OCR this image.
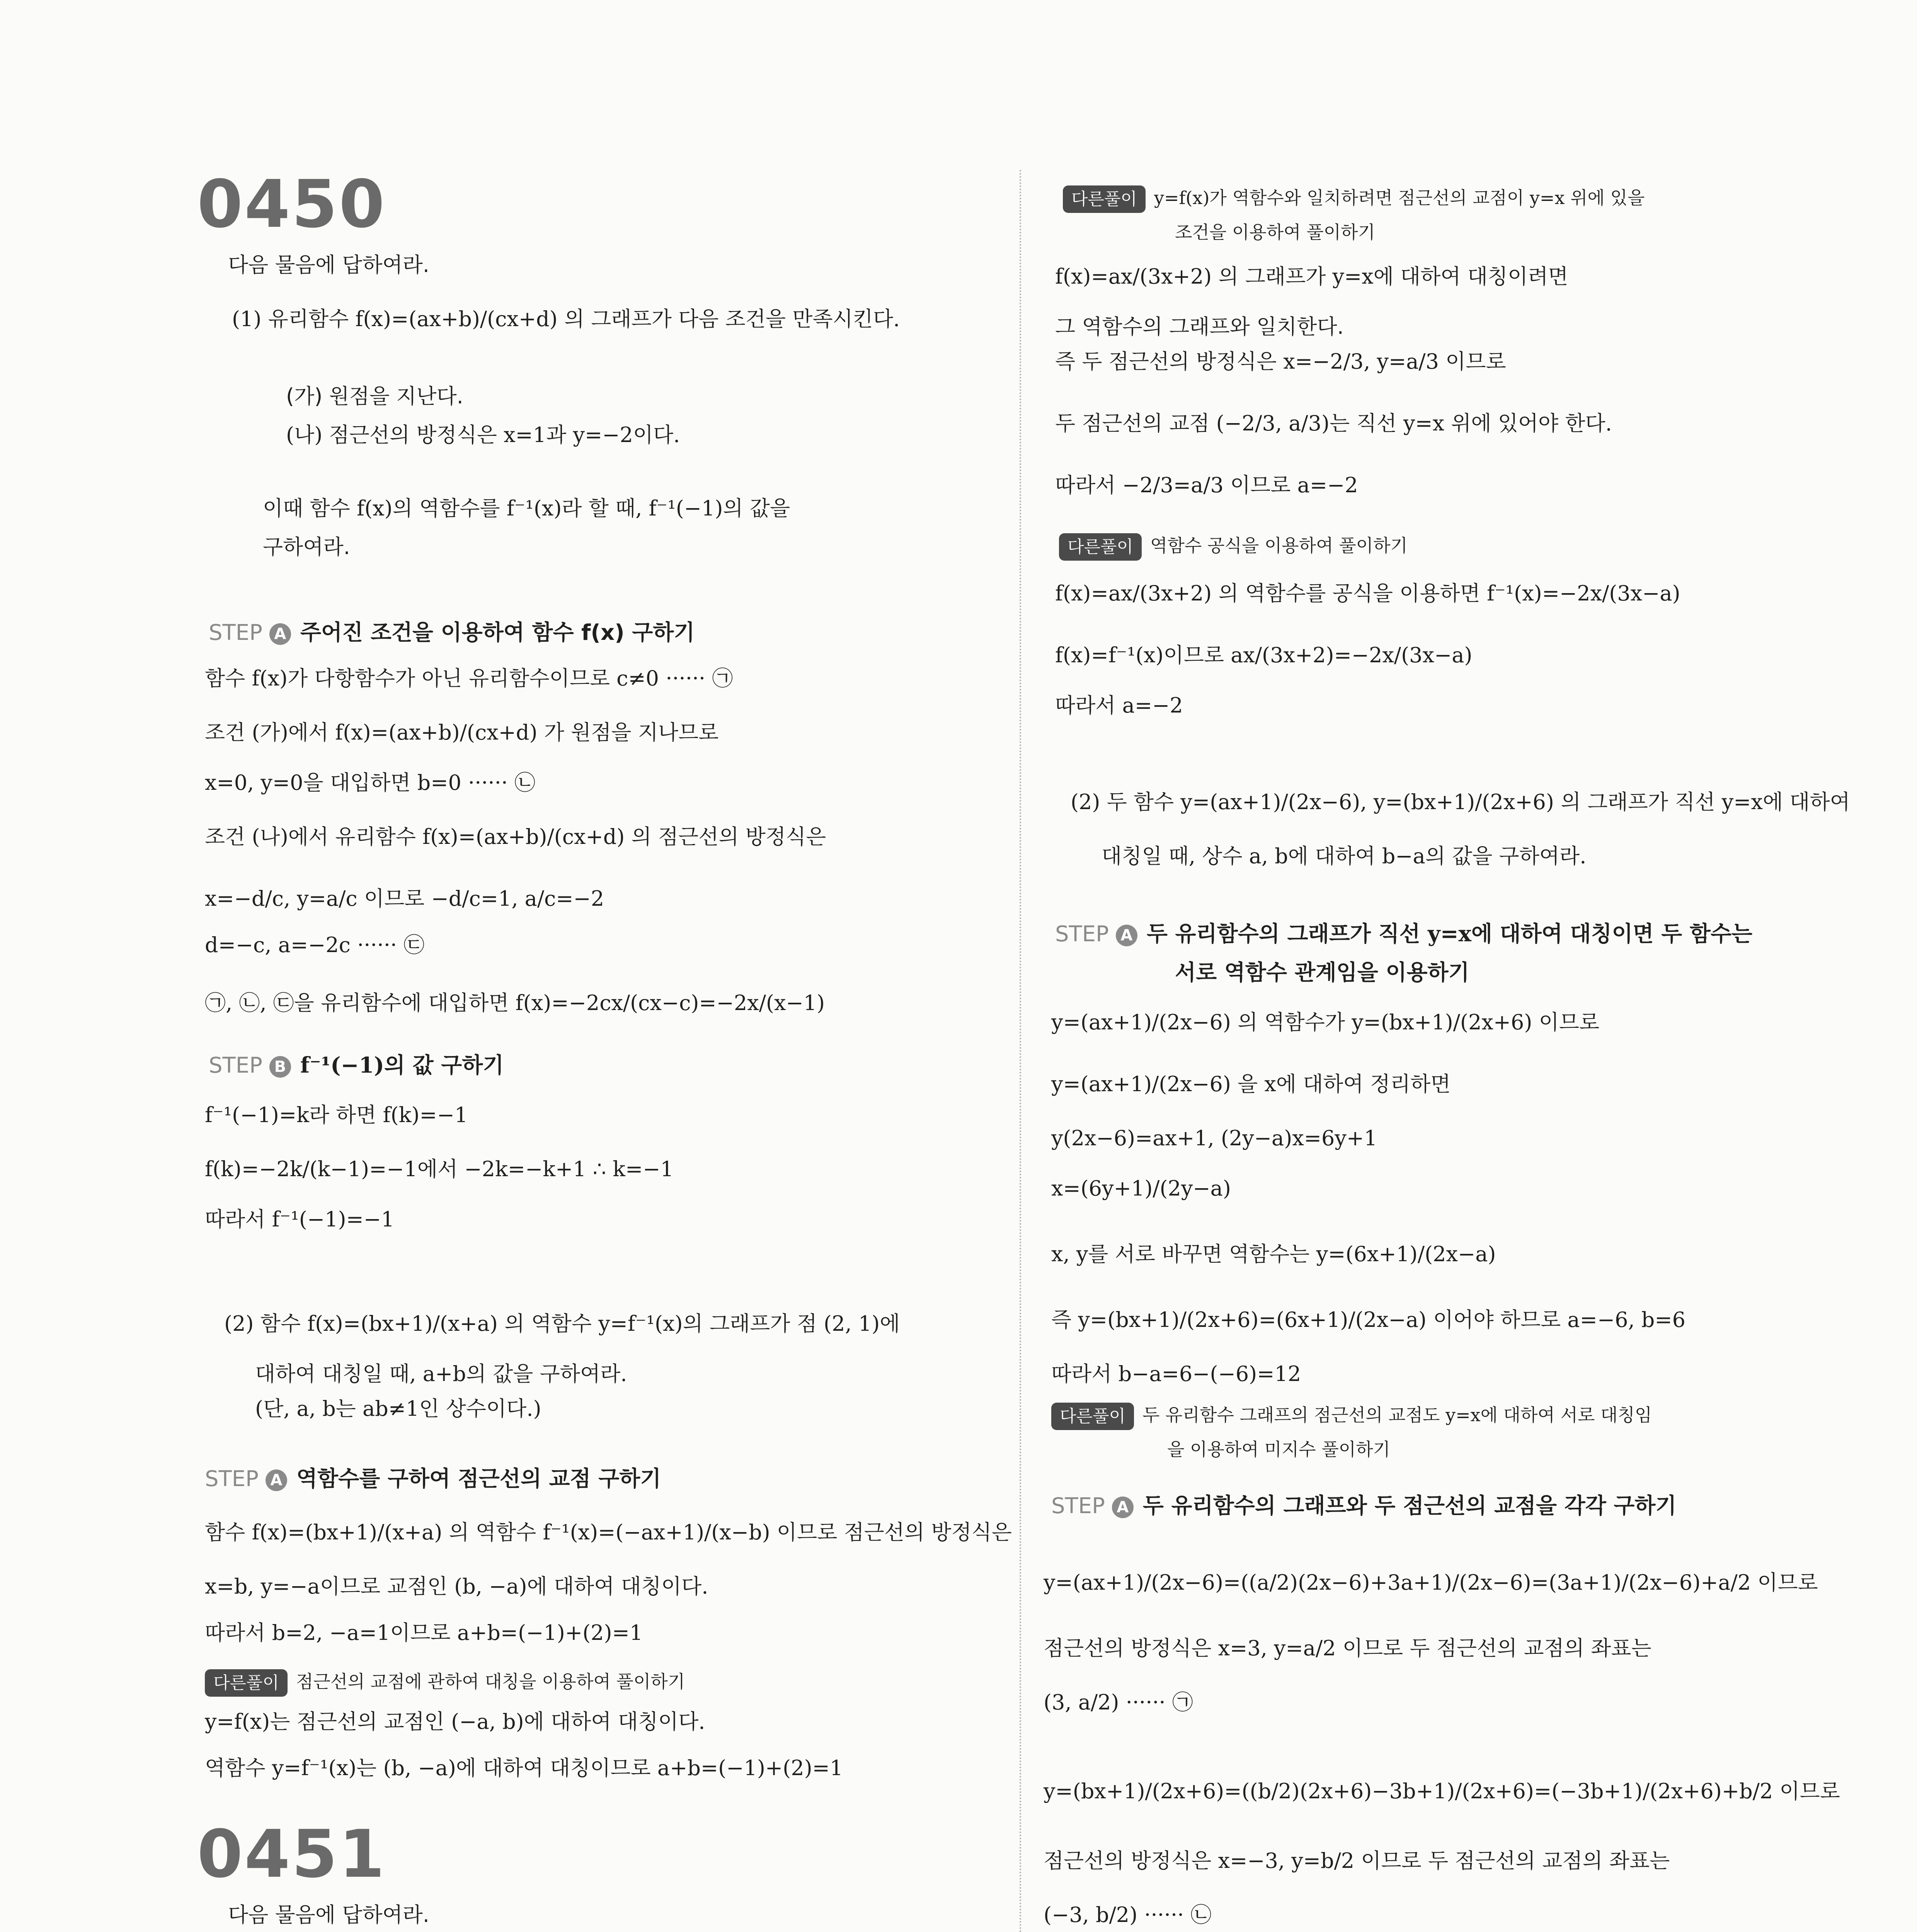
0450
다음 물음에 답하여라.
(1) 유리함수 f(x)=(ax+b)/(cx+d) 의 그래프가 다음 조건을 만족시킨다.
(가) 원점을 지난다.
(나) 점근선의 방정식은 x=1과 y=−2이다.
이때 함수 f(x)의 역함수를 f⁻¹(x)라 할 때, f⁻¹(−1)의 값을
구하여라.
STEP A 주어진 조건을 이용하여 함수 f(x) 구하기
함수 f(x)가 다항함수가 아닌 유리함수이므로 c≠0 ······ ㉠
조건 (가)에서 f(x)=(ax+b)/(cx+d) 가 원점을 지나므로
x=0, y=0을 대입하면 b=0 ······ ㉡
조건 (나)에서 유리함수 f(x)=(ax+b)/(cx+d) 의 점근선의 방정식은
x=−d/c, y=a/c 이므로 −d/c=1, a/c=−2
d=−c, a=−2c ······ ㉢
㉠, ㉡, ㉢을 유리함수에 대입하면 f(x)=−2cx/(cx−c)=−2x/(x−1)
STEP B f⁻¹(−1)의 값 구하기
f⁻¹(−1)=k라 하면 f(k)=−1
f(k)=−2k/(k−1)=−1에서 −2k=−k+1 ∴ k=−1
따라서 f⁻¹(−1)=−1
(2) 함수 f(x)=(bx+1)/(x+a) 의 역함수 y=f⁻¹(x)의 그래프가 점 (2, 1)에
대하여 대칭일 때, a+b의 값을 구하여라.
(단, a, b는 ab≠1인 상수이다.)
STEP A 역함수를 구하여 점근선의 교점 구하기
함수 f(x)=(bx+1)/(x+a) 의 역함수 f⁻¹(x)=(−ax+1)/(x−b) 이므로 점근선의 방정식은
x=b, y=−a이므로 교점인 (b, −a)에 대하여 대칭이다.
따라서 b=2, −a=1이므로 a+b=(−1)+(2)=1
다른풀이 점근선의 교점에 관하여 대칭을 이용하여 풀이하기
y=f(x)는 점근선의 교점인 (−a, b)에 대하여 대칭이다.
역함수 y=f⁻¹(x)는 (b, −a)에 대하여 대칭이므로 a+b=(−1)+(2)=1
0451
다음 물음에 답하여라.
다른풀이 y=f(x)가 역함수와 일치하려면 점근선의 교점이 y=x 위에 있을
조건을 이용하여 풀이하기
f(x)=ax/(3x+2) 의 그래프가 y=x에 대하여 대칭이려면
그 역함수의 그래프와 일치한다.
즉 두 점근선의 방정식은 x=−2/3, y=a/3 이므로
두 점근선의 교점 (−2/3, a/3)는 직선 y=x 위에 있어야 한다.
따라서 −2/3=a/3 이므로 a=−2
다른풀이 역함수 공식을 이용하여 풀이하기
f(x)=ax/(3x+2) 의 역함수를 공식을 이용하면 f⁻¹(x)=−2x/(3x−a)
f(x)=f⁻¹(x)이므로 ax/(3x+2)=−2x/(3x−a)
따라서 a=−2
(2) 두 함수 y=(ax+1)/(2x−6), y=(bx+1)/(2x+6) 의 그래프가 직선 y=x에 대하여
대칭일 때, 상수 a, b에 대하여 b−a의 값을 구하여라.
STEP A 두 유리함수의 그래프가 직선 y=x에 대하여 대칭이면 두 함수는
서로 역함수 관계임을 이용하기
y=(ax+1)/(2x−6) 의 역함수가 y=(bx+1)/(2x+6) 이므로
y=(ax+1)/(2x−6) 을 x에 대하여 정리하면
y(2x−6)=ax+1, (2y−a)x=6y+1
x=(6y+1)/(2y−a)
x, y를 서로 바꾸면 역함수는 y=(6x+1)/(2x−a)
즉 y=(bx+1)/(2x+6)=(6x+1)/(2x−a) 이어야 하므로 a=−6, b=6
따라서 b−a=6−(−6)=12
다른풀이 두 유리함수 그래프의 점근선의 교점도 y=x에 대하여 서로 대칭임
을 이용하여 미지수 풀이하기
STEP A 두 유리함수의 그래프와 두 점근선의 교점을 각각 구하기
y=(ax+1)/(2x−6)=((a/2)(2x−6)+3a+1)/(2x−6)=(3a+1)/(2x−6)+a/2 이므로
점근선의 방정식은 x=3, y=a/2 이므로 두 점근선의 교점의 좌표는
(3, a/2) ······ ㉠
y=(bx+1)/(2x+6)=((b/2)(2x+6)−3b+1)/(2x+6)=(−3b+1)/(2x+6)+b/2 이므로
점근선의 방정식은 x=−3, y=b/2 이므로 두 점근선의 교점의 좌표는
(−3, b/2) ······ ㉡
